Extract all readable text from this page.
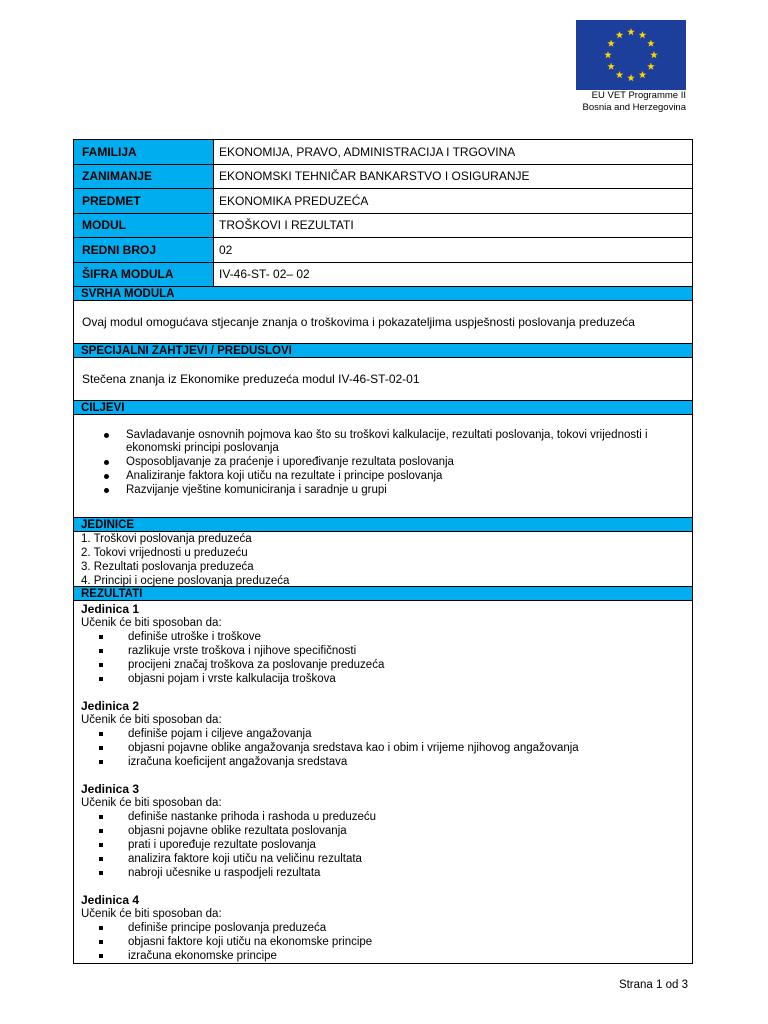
EU VET Programme II
Bosnia and Herzegovina
FAMILIJA	EKONOMIJA, PRAVO, ADMINISTRACIJA I TRGOVINA
ZANIMANJE	EKONOMSKI TEHNIČAR BANKARSTVO I OSIGURANJE
PREDMET	EKONOMIKA PREDUZEĆA
MODUL	TROŠKOVI I REZULTATI
REDNI BROJ	02
ŠIFRA MODULA	IV-46-ST- 02– 02
SVRHA MODULA
Ovaj modul omogućava stjecanje znanja o troškovima i pokazateljima uspješnosti poslovanja preduzeća
SPECIJALNI ZAHTJEVI / PREDUSLOVI
Stečena znanja iz Ekonomike preduzeća modul IV-46-ST-02-01
CILJEVI
Savladavanje osnovnih pojmova kao što su troškovi kalkulacije, rezultati poslovanja, tokovi vrijednosti i ekonomski principi poslovanja
Osposobljavanje za praćenje i upoređivanje rezultata poslovanja
Analiziranje faktora koji utiču na rezultate i principe poslovanja
Razvijanje vještine komuniciranja i saradnje u grupi
JEDINICE
1. Troškovi poslovanja preduzeća
2. Tokovi vrijednosti u preduzeću
3. Rezultati poslovanja preduzeća
4. Principi i ocjene poslovanja preduzeća
REZULTATI
Jedinica 1
Učenik će biti sposoban da:
definiše utroške i troškove
razlikuje vrste troškova i njihove specifičnosti
procijeni značaj troškova za poslovanje preduzeća
objasni pojam i vrste kalkulacija troškova
Jedinica 2
Učenik će biti sposoban da:
definiše pojam i ciljeve angažovanja
objasni pojavne oblike angažovanja sredstava kao i obim i vrijeme njihovog angažovanja
izračuna koeficijent angažovanja sredstava
Jedinica 3
Učenik će biti sposoban da:
definiše nastanke prihoda i rashoda u preduzeću
objasni pojavne oblike rezultata poslovanja
prati i upoređuje rezultate poslovanja
analizira faktore koji utiču na veličinu rezultata
nabroji učesnike u raspodjeli rezultata
Jedinica 4
Učenik će biti sposoban da:
definiše principe poslovanja preduzeća
objasni faktore koji utiču na ekonomske principe
izračuna ekonomske principe
Strana 1 od 3
